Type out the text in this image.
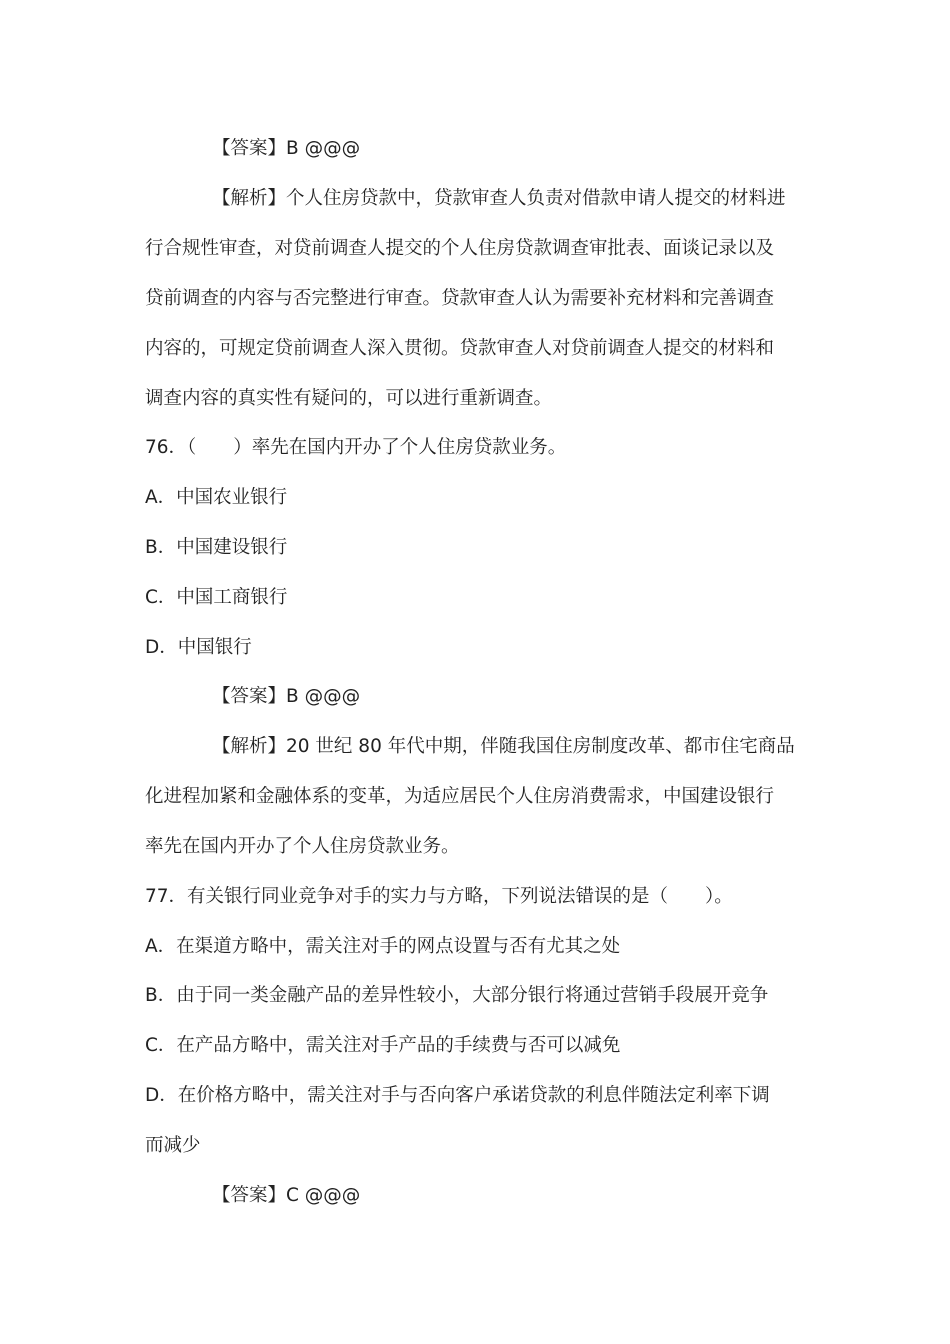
【答案】B @@@
【解析】个人住房贷款中，贷款审查人负责对借款申请人提交的材料进
行合规性审查，对贷前调查人提交的个人住房贷款调查审批表、面谈记录以及
贷前调查的内容与否完整进行审查。贷款审查人认为需要补充材料和完善调查
内容的，可规定贷前调查人深入贯彻。贷款审查人对贷前调查人提交的材料和
调查内容的真实性有疑问的，可以进行重新调查。
76．（　　）率先在国内开办了个人住房贷款业务。
A．中国农业银行
B．中国建设银行
C．中国工商银行
D．中国银行
【答案】B @@@
【解析】20 世纪 80 年代中期，伴随我国住房制度改革、都市住宅商品
化进程加紧和金融体系的变革，为适应居民个人住房消费需求，中国建设银行
率先在国内开办了个人住房贷款业务。
77．有关银行同业竞争对手的实力与方略，下列说法错误的是（　　）。
A．在渠道方略中，需关注对手的网点设置与否有尤其之处
B．由于同一类金融产品的差异性较小，大部分银行将通过营销手段展开竞争
C．在产品方略中，需关注对手产品的手续费与否可以减免
D．在价格方略中，需关注对手与否向客户承诺贷款的利息伴随法定利率下调
而减少
【答案】C @@@
